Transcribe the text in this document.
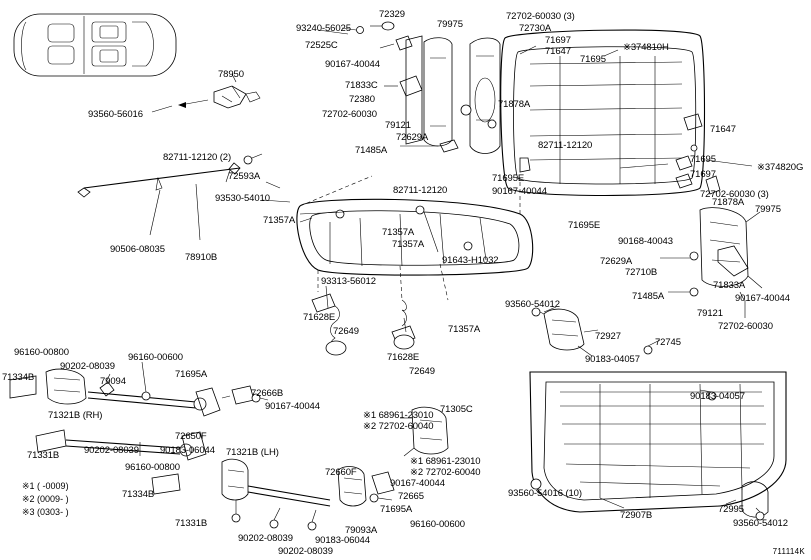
※1 ( -0009)
※2 (0009- )
※3 (0303- )
711114K
93240-56025
72329
79975
72702-60030 (3)
72730A
71697
※374810H
71647
71695
72525C
90167-40044
78950
71833C
72380	71878A
93560-56016	72702-60030
79121
72629A
71647
82711-12120
71485A
82711-12120 (2)	71695
※374820G
71697
72593A	71695E
90167-40044
93530-54010
82711-12120
71878A
72702-60030 (3)
79975
71357A
71357A
71695E
90168-40043
71357A
90506-08035
78910B	91643-H1032	72629A
72710B
93313-56012	71833A
71485A	90167-40044
71628E
93560-54012
79121
72702-60030
72649	71357A
72927
72745
90183-04057
71628E
96160-00800	96160-00600
90202-08039	72649
90183-04057
71334B	79094
71695A
72666B
90167-40044	71305C
※1 68961-23010
※2 72702-60040
71321B (RH)
72650F
90202-08039 90183-06044
71331B	71321B (LH)
※1 68961-23010
※2 72702-60040
96160-00800	72660F
90167-40044
72665
71334B	93560-54016 (10)
72907B
72995
93560-54012
71695A
96160-00600
71331B
79093A
90202-08039 90183-06044
90202-08039
